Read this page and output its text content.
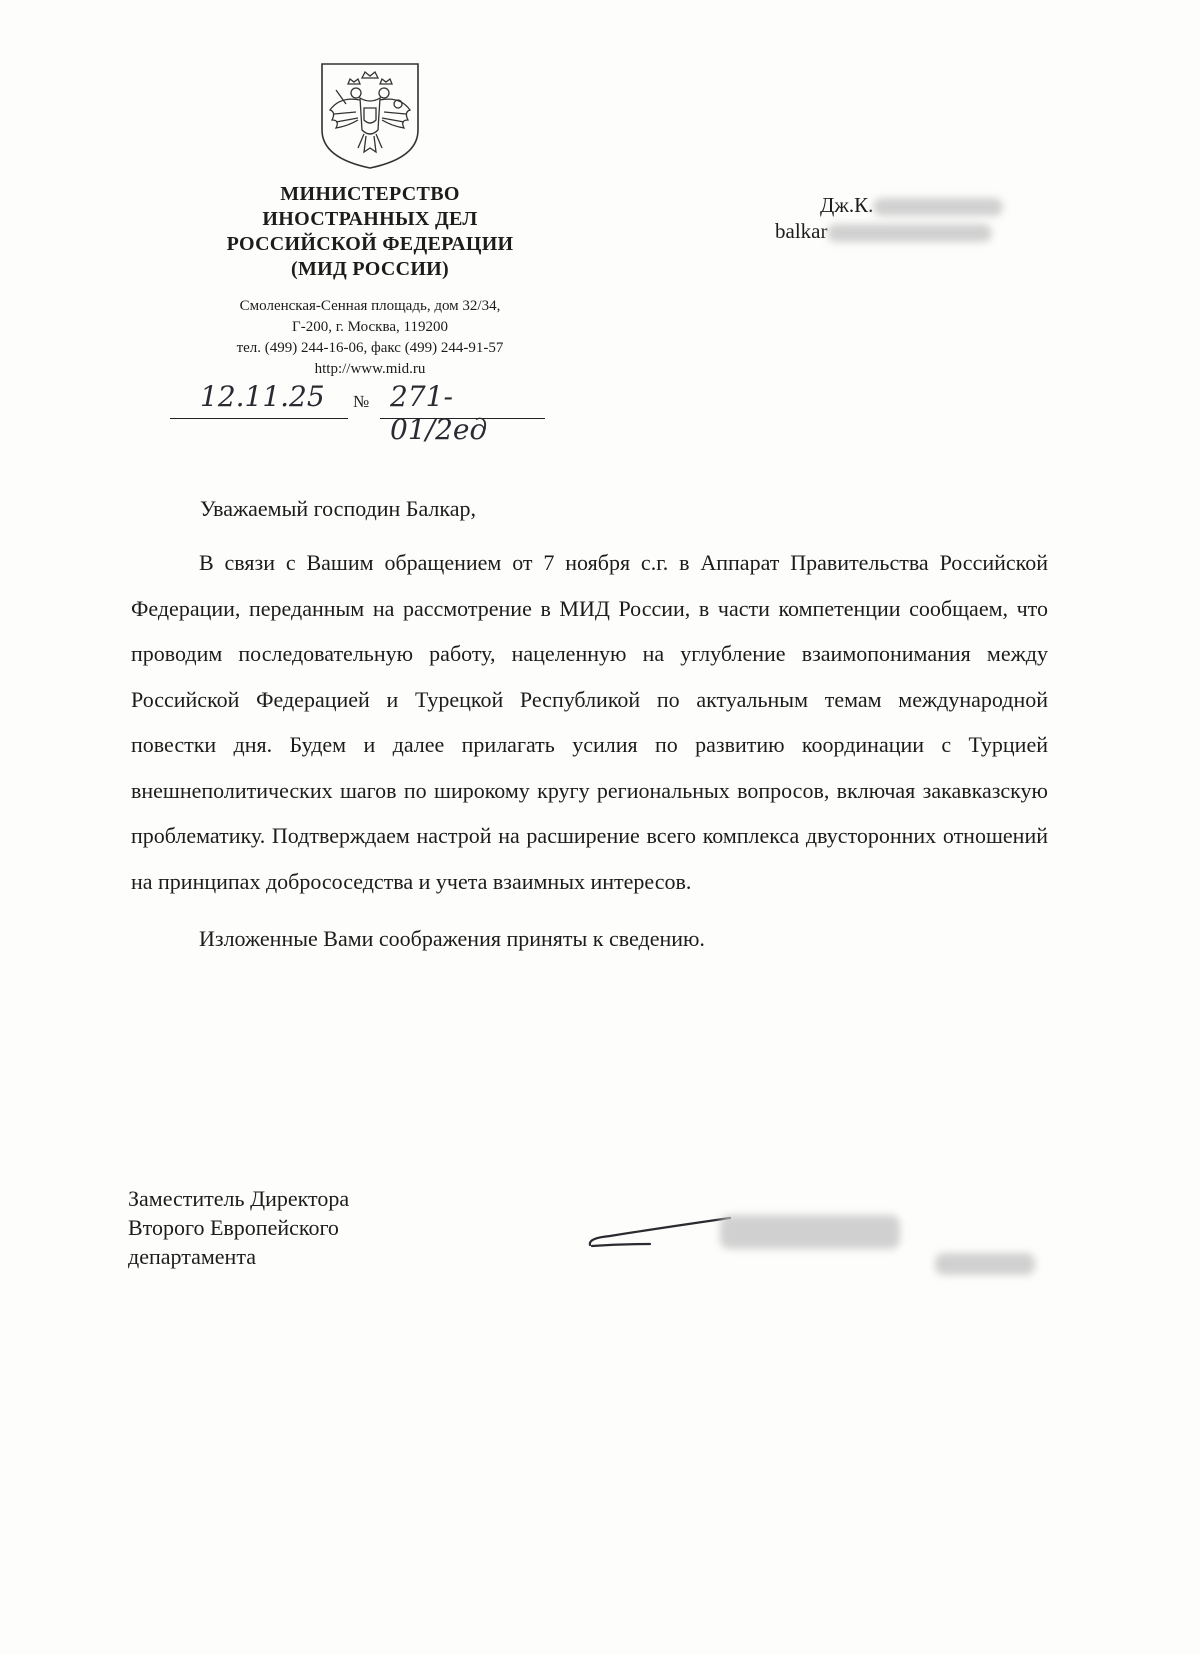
МИНИСТЕРСТВО
ИНОСТРАННЫХ ДЕЛ
РОССИЙСКОЙ ФЕДЕРАЦИИ
(МИД РОССИИ)
Смоленская-Сенная площадь, дом 32/34,
Г-200, г. Москва, 119200
тел. (499) 244-16-06, факс (499) 244-91-57
http://www.mid.ru
12.11.25 № 271-01/2ед
Дж.К.
balkar
Уважаемый господин Балкар,

В связи с Вашим обращением от 7 ноября с.г. в Аппарат Правительства Российской Федерации, переданным на рассмотрение в МИД России, в части компетенции сообщаем, что проводим последовательную работу, нацеленную на углубление взаимопонимания между Российской Федерацией и Турецкой Республикой по актуальным темам международной повестки дня. Будем и далее прилагать усилия по развитию координации с Турцией внешнеполитических шагов по широкому кругу региональных вопросов, включая закавказскую проблематику. Подтверждаем настрой на расширение всего комплекса двусторонних отношений на принципах добрососедства и учета взаимных интересов.

Изложенные Вами соображения приняты к сведению.

Заместитель Директора
Второго Европейского
департамента
